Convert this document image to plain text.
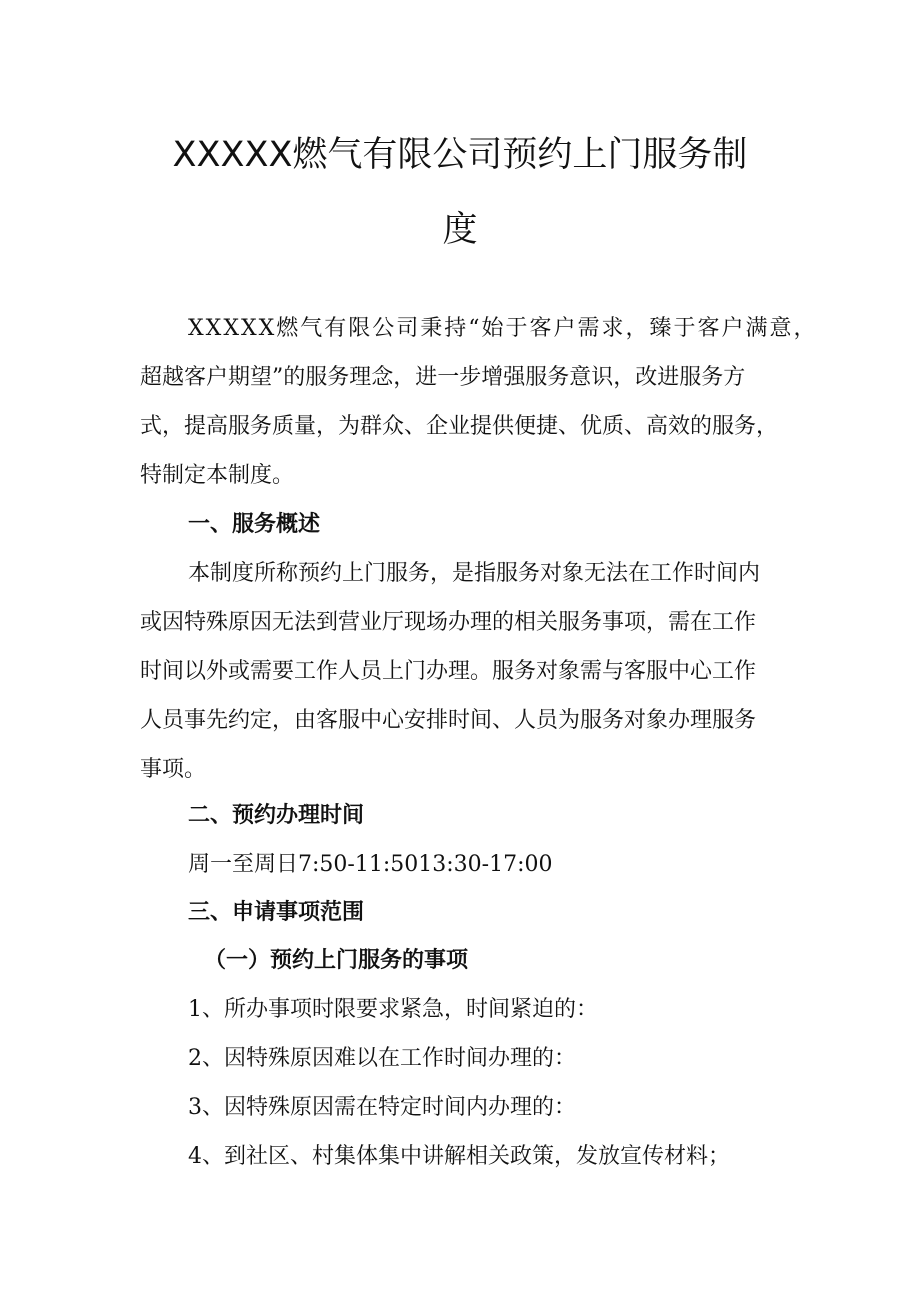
XXXXX燃气有限公司预约上门服务制
度
XXXXX燃气有限公司秉持“始于客户需求，臻于客户满意，
超越客户期望”的服务理念，进一步增强服务意识，改进服务方
式，提高服务质量，为群众、企业提供便捷、优质、高效的服务，
特制定本制度。
一、服务概述
本制度所称预约上门服务，是指服务对象无法在工作时间内
或因特殊原因无法到营业厅现场办理的相关服务事项，需在工作
时间以外或需要工作人员上门办理。服务对象需与客服中心工作
人员事先约定，由客服中心安排时间、人员为服务对象办理服务
事项。
二、预约办理时间
周一至周日7:50-11:5013:30-17:00
三、申请事项范围
（一）预约上门服务的事项
1、所办事项时限要求紧急，时间紧迫的：
2、因特殊原因难以在工作时间办理的：
3、因特殊原因需在特定时间内办理的：
4、到社区、村集体集中讲解相关政策，发放宣传材料；
